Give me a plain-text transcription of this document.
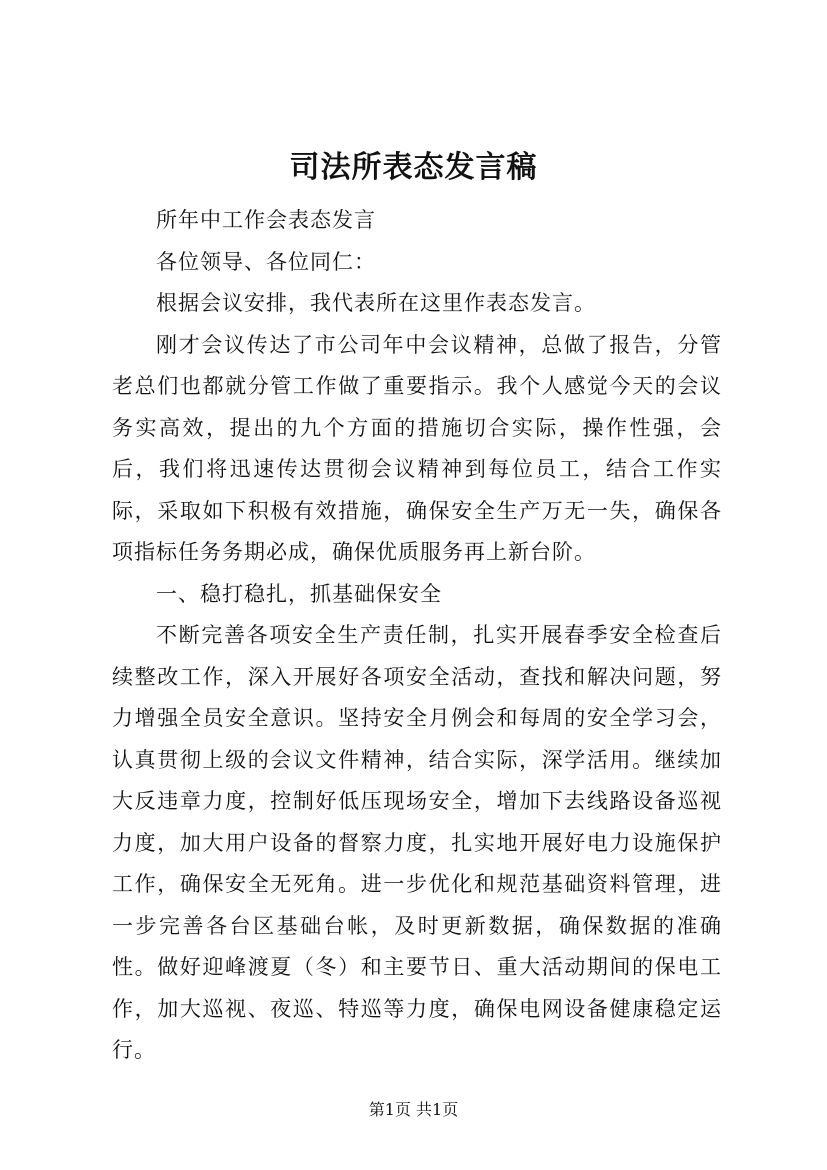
司法所表态发言稿

所年中工作会表态发言

各位领导、各位同仁：

根据会议安排，我代表所在这里作表态发言。

刚才会议传达了市公司年中会议精神，总做了报告，分管老总们也都就分管工作做了重要指示。我个人感觉今天的会议务实高效，提出的九个方面的措施切合实际，操作性强，会后，我们将迅速传达贯彻会议精神到每位员工，结合工作实际，采取如下积极有效措施，确保安全生产万无一失，确保各项指标任务务期必成，确保优质服务再上新台阶。

一、稳打稳扎，抓基础保安全

不断完善各项安全生产责任制，扎实开展春季安全检查后续整改工作，深入开展好各项安全活动，查找和解决问题，努力增强全员安全意识。坚持安全月例会和每周的安全学习会，认真贯彻上级的会议文件精神，结合实际，深学活用。继续加大反违章力度，控制好低压现场安全，增加下去线路设备巡视力度，加大用户设备的督察力度，扎实地开展好电力设施保护工作，确保安全无死角。进一步优化和规范基础资料管理，进一步完善各台区基础台帐，及时更新数据，确保数据的准确性。做好迎峰渡夏（冬）和主要节日、重大活动期间的保电工作，加大巡视、夜巡、特巡等力度，确保电网设备健康稳定运行。

第1页 共1页
